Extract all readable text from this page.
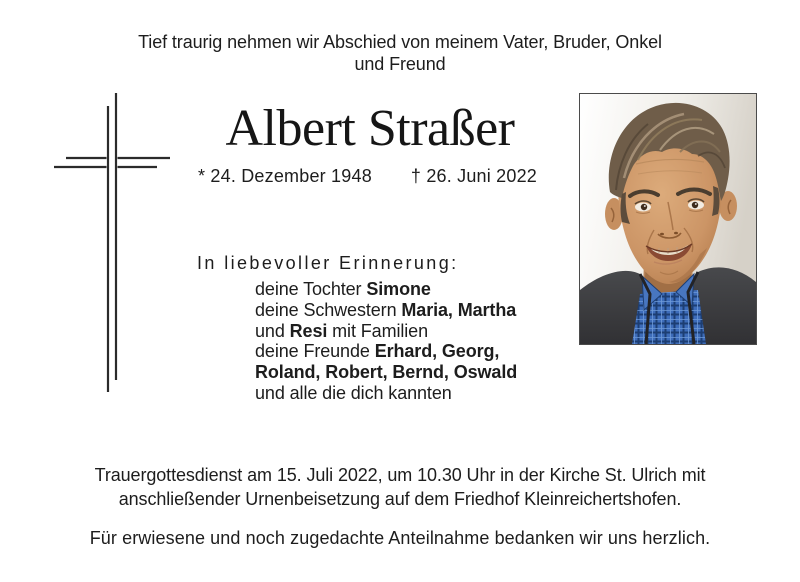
Tief traurig nehmen wir Abschied von meinem Vater, Bruder, Onkel
und Freund
Albert Straßer
* 24. Dezember 1948 † 26. Juni 2022
In liebevoller Erinnerung:
deine Tochter Simone
deine Schwestern Maria, Martha
und Resi mit Familien
deine Freunde Erhard, Georg,
Roland, Robert, Bernd, Oswald
und alle die dich kannten
Trauergottesdienst am 15. Juli 2022, um 10.30 Uhr in der Kirche St. Ulrich mit
anschließender Urnenbeisetzung auf dem Friedhof Kleinreichertshofen.
Für erwiesene und noch zugedachte Anteilnahme bedanken wir uns herzlich.
